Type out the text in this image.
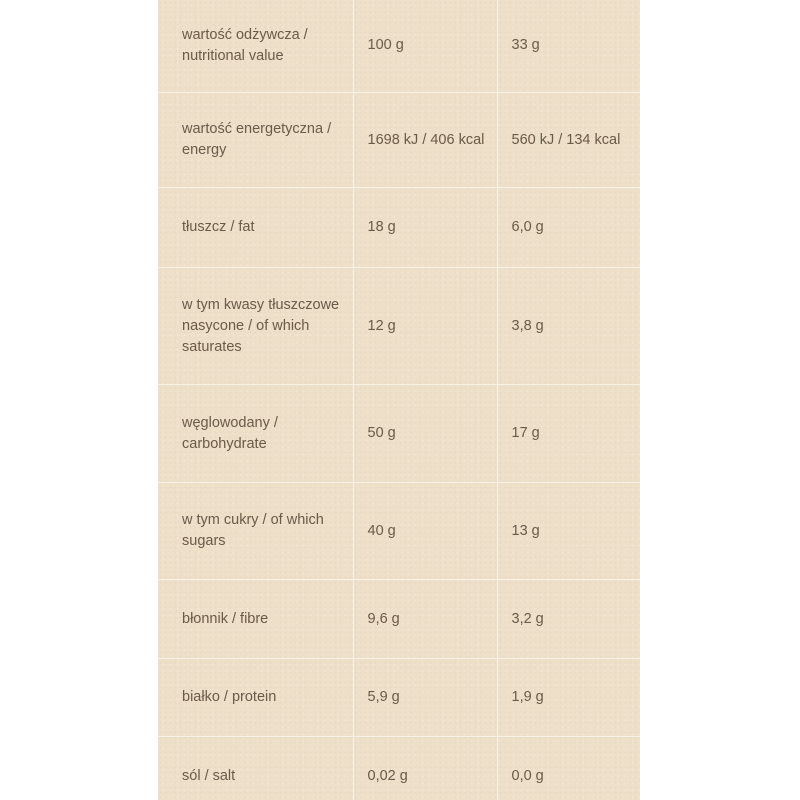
wartość odżywcza / nutritional value	100 g	33 g
wartość energetyczna / energy	1698 kJ / 406 kcal	560 kJ / 134 kcal
tłuszcz / fat	18 g	6,0 g
w tym kwasy tłuszczowe nasycone / of which saturates	12 g	3,8 g
węglowodany / carbohydrate	50 g	17 g
w tym cukry / of which sugars	40 g	13 g
błonnik / fibre	9,6 g	3,2 g
białko / protein	5,9 g	1,9 g
sól / salt	0,02 g	0,0 g
